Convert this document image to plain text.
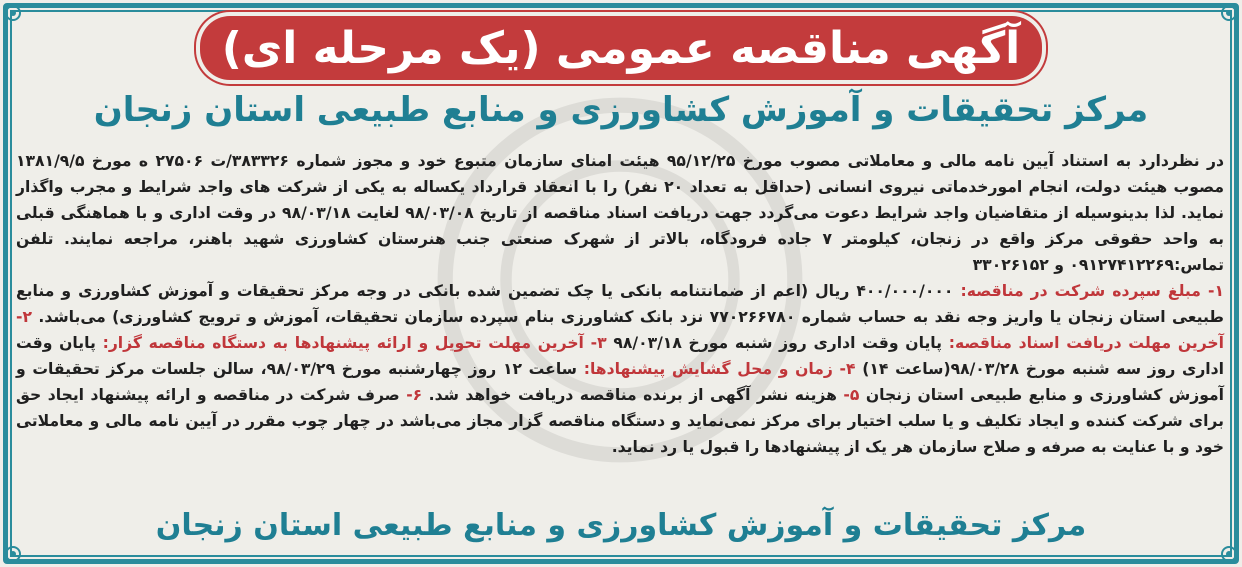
آگهی مناقصه عمومی (یک مرحله ای)
مرکز تحقیقات و آموزش کشاورزی و منابع طبیعی استان زنجان

در نظردارد به استناد آیین نامه مالی و معاملاتی مصوب مورخ ۹۵/۱۲/۲۵ هیئت امنای سازمان متبوع خود و مجوز شماره ۳۸۳۳۲۶/ت ۲۷۵۰۶ ه مورخ ۱۳۸۱/۹/۵ مصوب هیئت دولت، انجام امورخدماتی نیروی انسانی (حداقل به تعداد ۲۰ نفر) را با انعقاد قرارداد یکساله به یکی از شرکت های واجد شرایط و مجرب واگذار نماید. لذا بدینوسیله از متقاضیان واجد شرایط دعوت می‌گردد جهت دریافت اسناد مناقصه از تاریخ ۹۸/۰۳/۰۸ لغایت ۹۸/۰۳/۱۸ در وقت اداری و با هماهنگی قبلی به واحد حقوقی مرکز واقع در زنجان، کیلومتر ۷ جاده فرودگاه، بالاتر از شهرک صنعتی جنب هنرستان کشاورزی شهید باهنر، مراجعه نمایند. تلفن تماس:۰۹۱۲۷۴۱۲۲۶۹ و ۳۳۰۲۶۱۵۲

۱- مبلغ سپرده شرکت در مناقصه: ۴۰۰/۰۰۰/۰۰۰ ریال (اعم از ضمانتنامه بانکی یا چک تضمین شده بانکی در وجه مرکز تحقیقات و آموزش کشاورزی و منابع طبیعی استان زنجان یا واریز وجه نقد به حساب شماره ۷۷۰۲۶۶۷۸۰ نزد بانک کشاورزی بنام سپرده سازمان تحقیقات، آموزش و ترویج کشاورزی) می‌باشد. ۲- آخرین مهلت دریافت اسناد مناقصه: پایان وقت اداری روز شنبه مورخ ۹۸/۰۳/۱۸ ۳- آخرین مهلت تحویل و ارائه پیشنهادها به دستگاه مناقصه گزار: پایان وقت اداری روز سه شنبه مورخ ۹۸/۰۳/۲۸(ساعت ۱۴) ۴- زمان و محل گشایش پیشنهادها: ساعت ۱۲ روز چهارشنبه مورخ ۹۸/۰۳/۲۹، سالن جلسات مرکز تحقیقات و آموزش کشاورزی و منابع طبیعی استان زنجان ۵- هزینه نشر آگهی از برنده مناقصه دریافت خواهد شد. ۶- صرف شرکت در مناقصه و ارائه پیشنهاد ایجاد حق برای شرکت کننده و ایجاد تکلیف و یا سلب اختیار برای مرکز نمی‌نماید و دستگاه مناقصه گزار مجاز می‌باشد در چهار چوب مقرر در آیین نامه مالی و معاملاتی خود و با عنایت به صرفه و صلاح سازمان هر یک از پیشنهادها را قبول یا رد نماید.

مرکز تحقیقات و آموزش کشاورزی و منابع طبیعی استان زنجان
